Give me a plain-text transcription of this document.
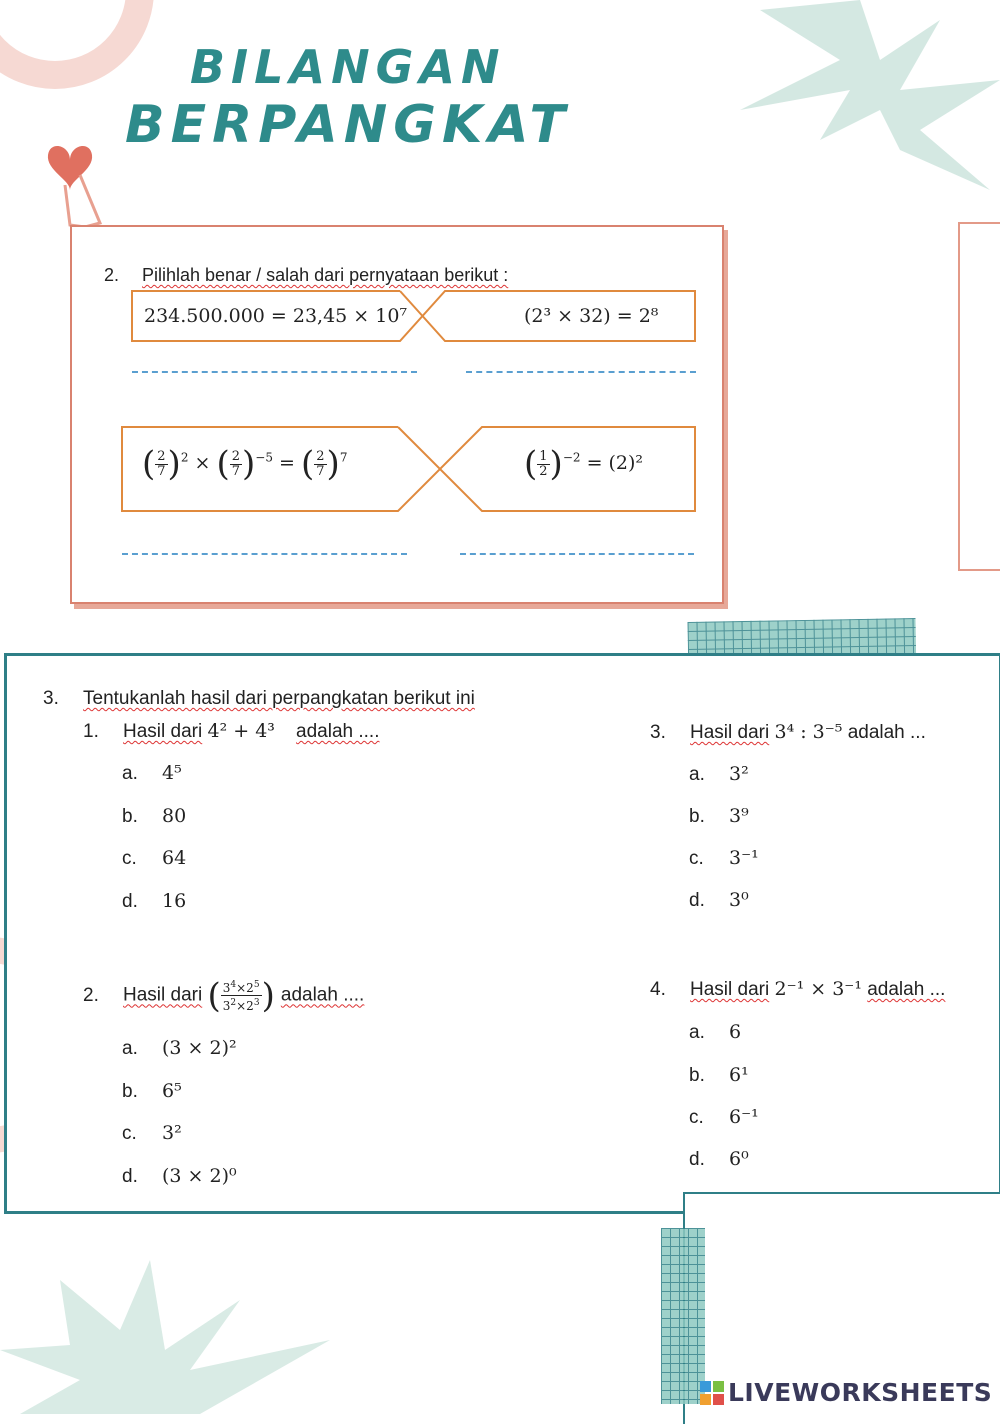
BILANGAN
BERPANGKAT
2. Pilihlah benar / salah dari pernyataan berikut :
234.500.000 = 23,45 × 10⁷	(2³ × 32) = 2⁸
( $\frac{2}{7} )^2$ × ( $\frac{2}{7} )^{-5}$ = ( $\frac{2}{7} )^7$	( $\frac{1}{2} )^{-2} = (2)^2$
3. Tentukanlah hasil dari perpangkatan berikut ini
1. Hasil dari 4² + 4³ adalah ....
a. 4⁵
b. 80
c. 64
d. 16
2. Hasil dari ( $\frac{3^4\times 2^5}{3^2\times 2^3}$ ) adalah ....
a. (3 × 2)²
b. 6⁵
c. 3²
d. (3 × 2)⁰
3. Hasil dari 3⁴ : 3⁻⁵ adalah ...
a. 3²
b. 3⁹
c. 3⁻¹
d. 3⁰
4. Hasil dari 2⁻¹ × 3⁻¹ adalah ...
a. 6
b. 6¹
c. 6⁻¹
d. 6⁰
LIVEWORKSHEETS
